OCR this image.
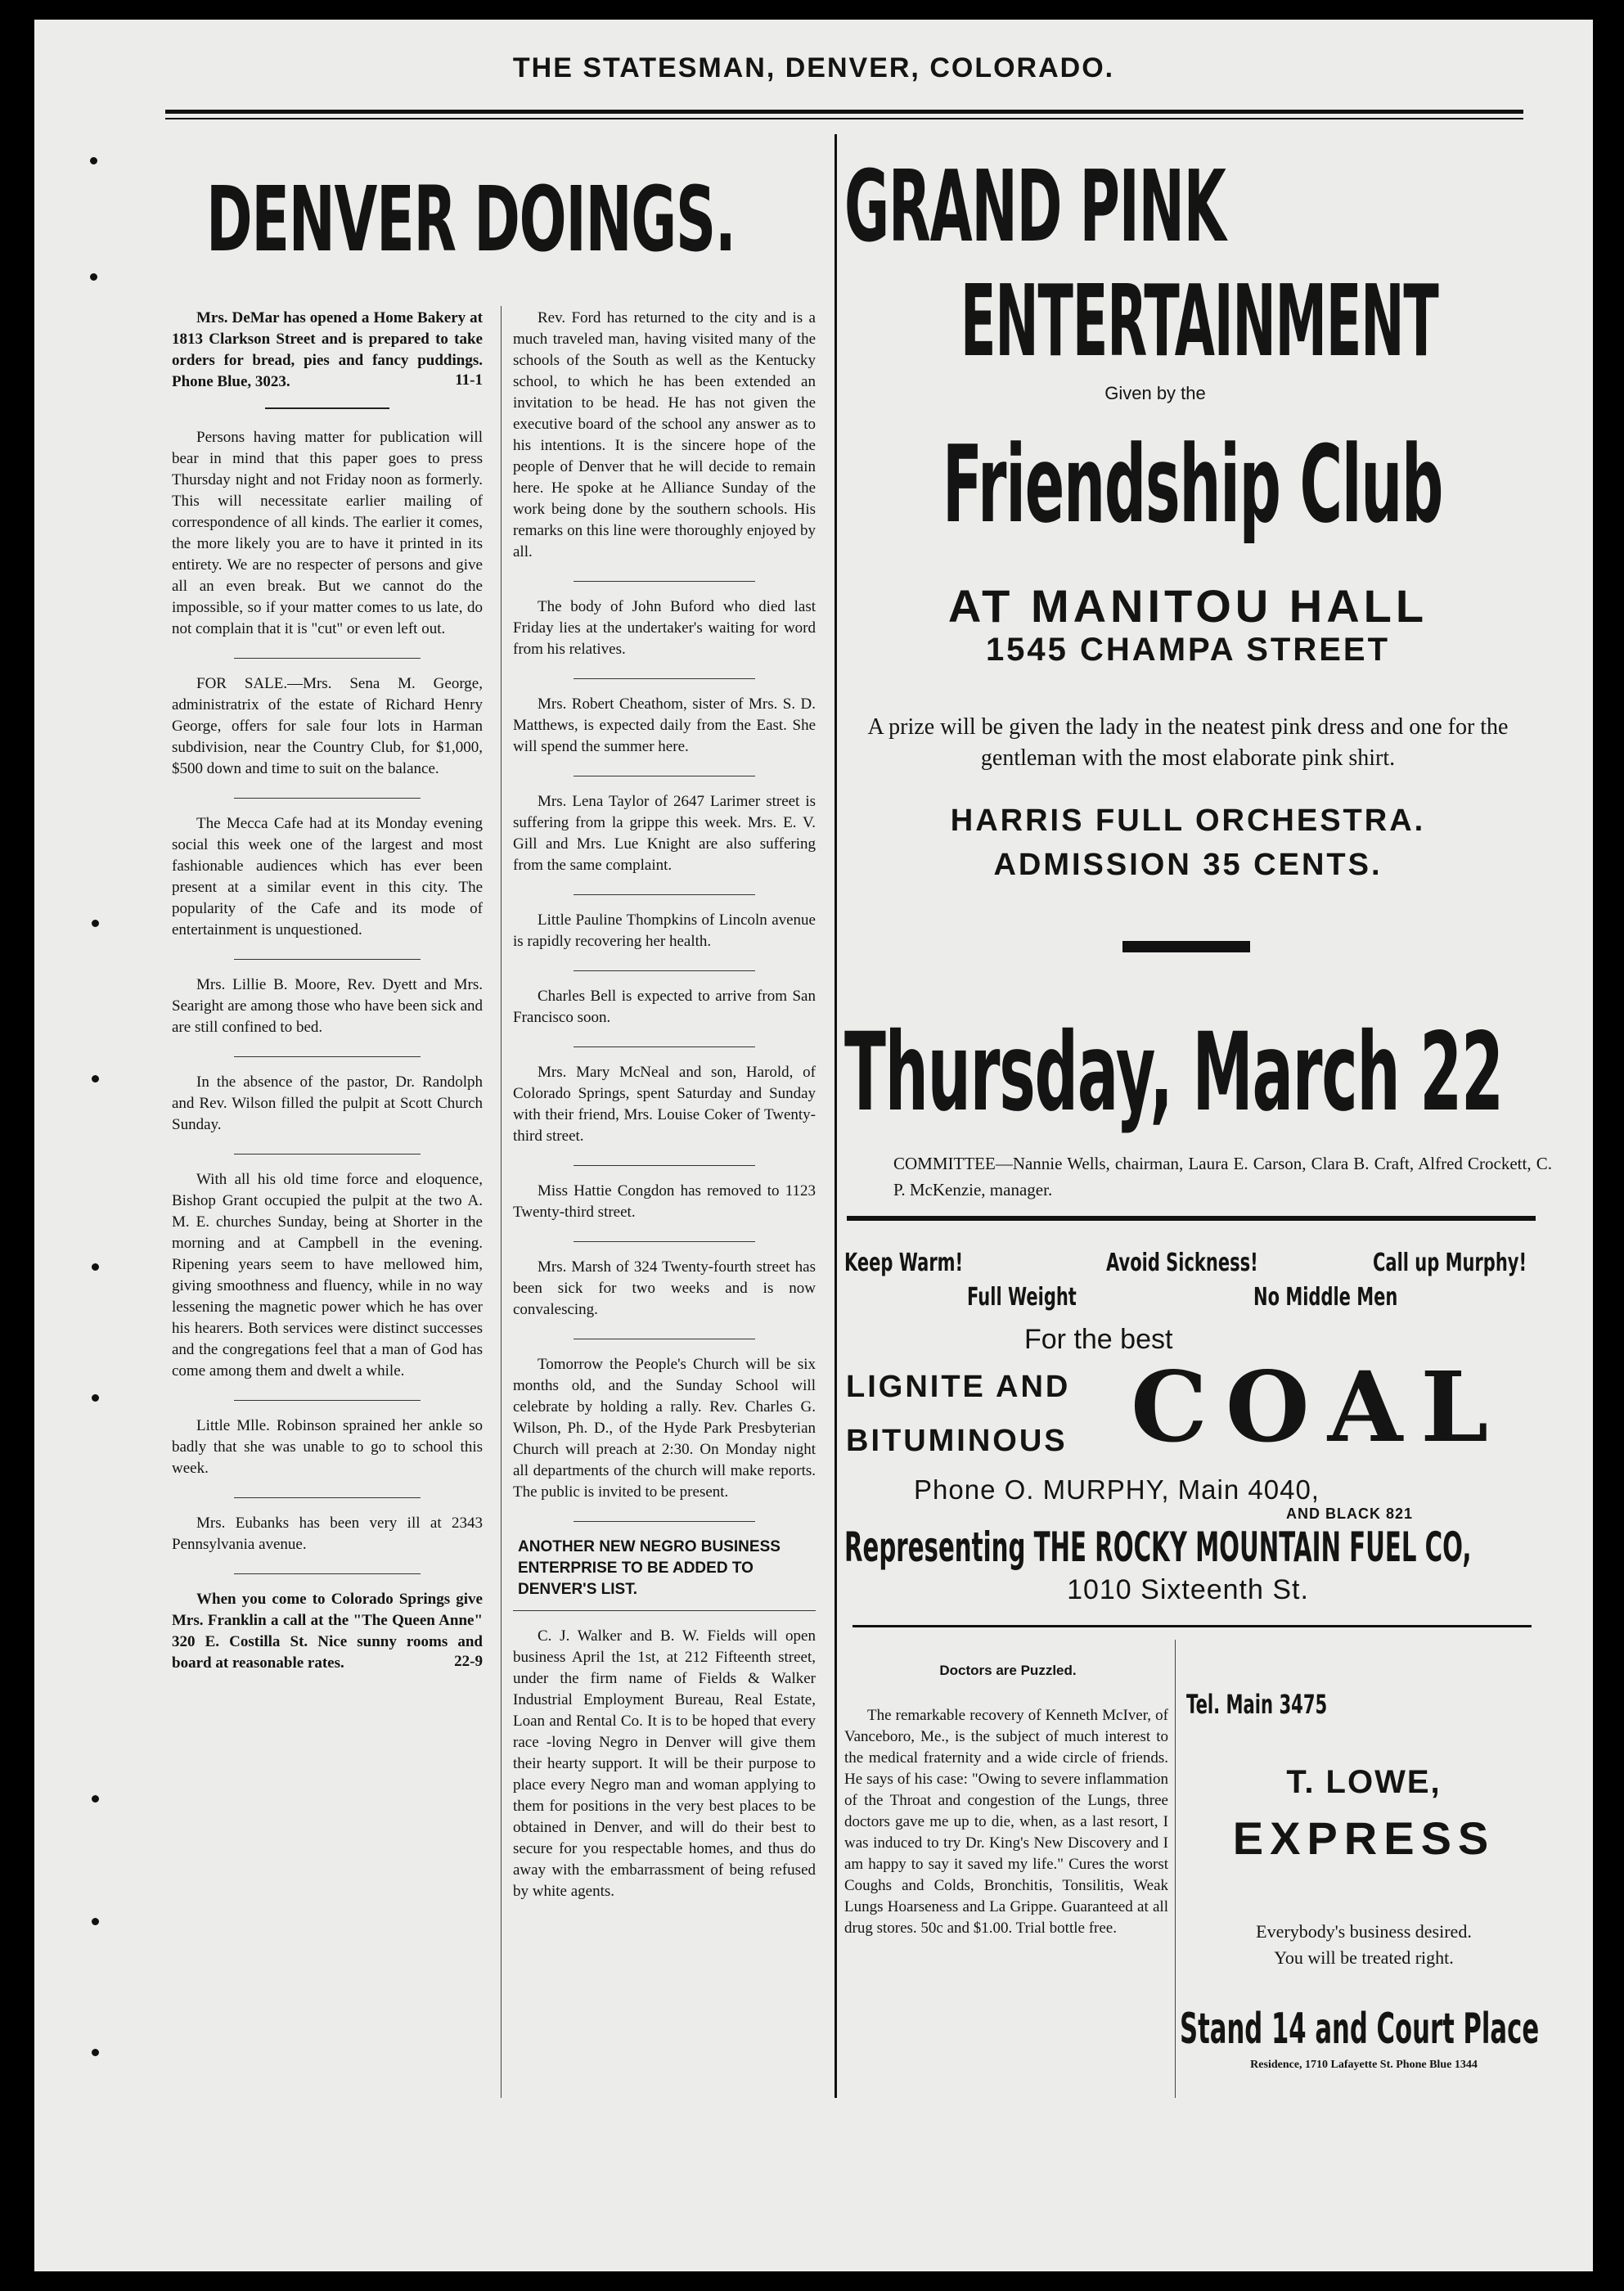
THE STATESMAN, DENVER, COLORADO.
DENVER DOINGS.

Mrs. DeMar has opened a Home Bakery at 1813 Clarkson Street and is prepared to take orders for bread, pies and fancy puddings. Phone Blue, 3023.	11-1

Persons having matter for publication will bear in mind that this paper goes to press Thursday night and not Friday noon as formerly. This will necessitate earlier mailing of correspondence of all kinds. The earlier it comes, the more likely you are to have it printed in its entirety. We are no respecter of persons and give all an even break. But we cannot do the impossible, so if your matter comes to us late, do not complain that it is "cut" or even left out.

FOR SALE.—Mrs. Sena M. George, administratrix of the estate of Richard Henry George, offers for sale four lots in Harman subdivision, near the Country Club, for $1,000, $500 down and time to suit on the balance.

The Mecca Cafe had at its Monday evening social this week one of the largest and most fashionable audiences which has ever been present at a similar event in this city. The popularity of the Cafe and its mode of entertainment is unquestioned.

Mrs. Lillie B. Moore, Rev. Dyett and Mrs. Searight are among those who have been sick and are still confined to bed.

In the absence of the pastor, Dr. Randolph and Rev. Wilson filled the pulpit at Scott Church Sunday.

With all his old time force and eloquence, Bishop Grant occupied the pulpit at the two A. M. E. churches Sunday, being at Shorter in the morning and at Campbell in the evening. Ripening years seem to have mellowed him, giving smoothness and fluency, while in no way lessening the magnetic power which he has over his hearers. Both services were distinct successes and the congregations feel that a man of God has come among them and dwelt a while.

Little Mlle. Robinson sprained her ankle so badly that she was unable to go to school this week.

Mrs. Eubanks has been very ill at 2343 Pennsylvania avenue.

When you come to Colorado Springs give Mrs. Franklin a call at the "The Queen Anne" 320 E. Costilla St. Nice sunny rooms and board at reasonable rates.	22-9

Rev. Ford has returned to the city and is a much traveled man, having visited many of the schools of the South as well as the Kentucky school, to which he has been extended an invitation to be head. He has not given the executive board of the school any answer as to his intentions. It is the sincere hope of the people of Denver that he will decide to remain here. He spoke at he Alliance Sunday of the work being done by the southern schools. His remarks on this line were thoroughly enjoyed by all.

The body of John Buford who died last Friday lies at the undertaker's waiting for word from his relatives.

Mrs. Robert Cheathom, sister of Mrs. S. D. Matthews, is expected daily from the East. She will spend the summer here.

Mrs. Lena Taylor of 2647 Larimer street is suffering from la grippe this week. Mrs. E. V. Gill and Mrs. Lue Knight are also suffering from the same complaint.

Little Pauline Thompkins of Lincoln avenue is rapidly recovering her health.

Charles Bell is expected to arrive from San Francisco soon.

Mrs. Mary McNeal and son, Harold, of Colorado Springs, spent Saturday and Sunday with their friend, Mrs. Louise Coker of Twenty-third street.

Miss Hattie Congdon has removed to 1123 Twenty-third street.

Mrs. Marsh of 324 Twenty-fourth street has been sick for two weeks and is now convalescing.

Tomorrow the People's Church will be six months old, and the Sunday School will celebrate by holding a rally. Rev. Charles G. Wilson, Ph. D., of the Hyde Park Presbyterian Church will preach at 2:30. On Monday night all departments of the church will make reports. The public is invited to be present.

ANOTHER NEW NEGRO BUSINESS ENTERPRISE TO BE ADDED TO DENVER'S LIST.

C. J. Walker and B. W. Fields will open business April the 1st, at 212 Fifteenth street, under the firm name of Fields & Walker Industrial Employment Bureau, Real Estate, Loan and Rental Co. It is to be hoped that every race -loving Negro in Denver will give them their hearty support. It will be their purpose to place every Negro man and woman applying to them for positions in the very best places to be obtained in Denver, and will do their best to secure for you respectable homes, and thus do away with the embarrassment of being refused by white agents.

GRAND PINK
ENTERTAINMENT
Given by the
Friendship Club
AT MANITOU HALL
1545 CHAMPA STREET
A prize will be given the lady in the neatest pink dress and one for the gentleman with the most elaborate pink shirt.
HARRIS FULL ORCHESTRA.
ADMISSION 35 CENTS.
Thursday, March 22
COMMITTEE—Nannie Wells, chairman, Laura E. Carson, Clara B. Craft, Alfred Crockett, C. P. McKenzie, manager.
Keep Warm!	Avoid Sickness!	Call up Murphy!
Full Weight	No Middle Men
For the best
LIGNITE AND
BITUMINOUS COAL
Phone O. MURPHY, Main 4040,
AND BLACK 821
Representing THE ROCKY MOUNTAIN FUEL CO,
1010 Sixteenth St.
Doctors are Puzzled.
The remarkable recovery of Kenneth McIver, of Vanceboro, Me., is the subject of much interest to the medical fraternity and a wide circle of friends. He says of his case: "Owing to severe inflammation of the Throat and congestion of the Lungs, three doctors gave me up to die, when, as a last resort, I was induced to try Dr. King's New Discovery and I am happy to say it saved my life." Cures the worst Coughs and Colds, Bronchitis, Tonsilitis, Weak Lungs Hoarseness and La Grippe. Guaranteed at all drug stores. 50c and $1.00. Trial bottle free.
Tel. Main 3475
T. LOWE,
EXPRESS
Everybody's business desired.
You will be treated right.
Stand 14 and Court Place
Residence, 1710 Lafayette St. Phone Blue 1344
